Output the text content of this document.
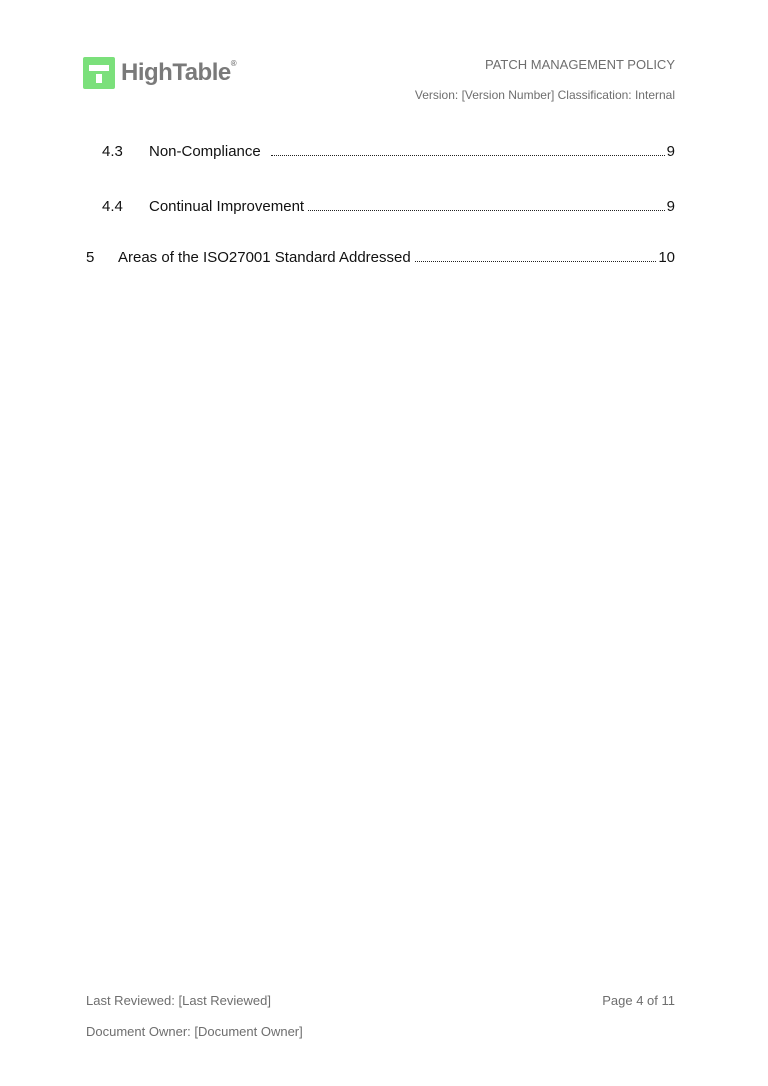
HighTable®	PATCH MANAGEMENT POLICY
Version: [Version Number] Classification: Internal
4.3	Non-Compliance	9
4.4	Continual Improvement	9
5	Areas of the ISO27001 Standard Addressed	10
Last Reviewed: [Last Reviewed]
Document Owner: [Document Owner]
Page 4 of 11
